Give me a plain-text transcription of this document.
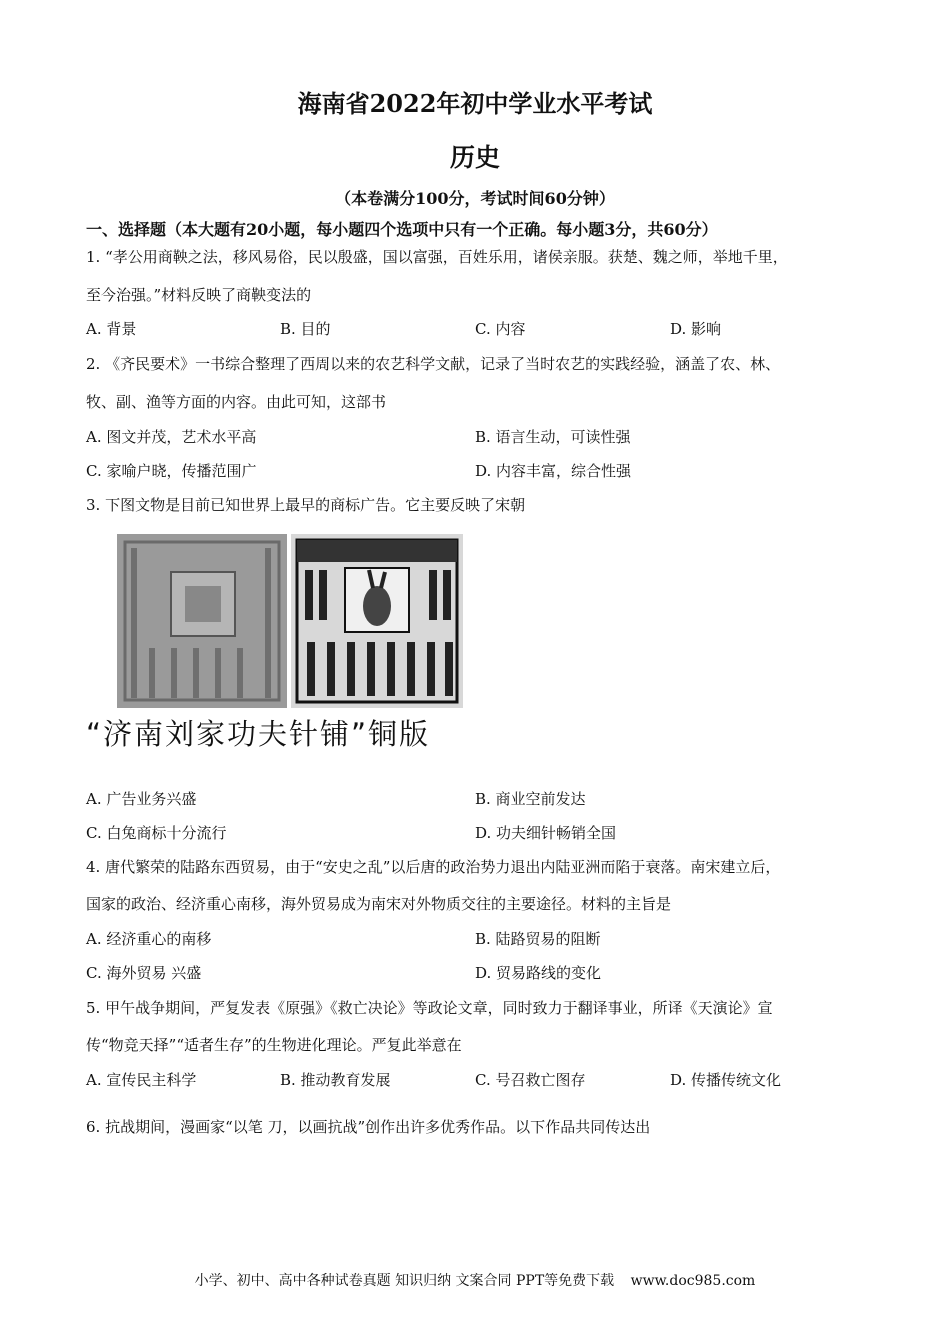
海南省2022年初中学业水平考试
历史
（本卷满分100分，考试时间60分钟）
一、选择题（本大题有20小题，每小题四个选项中只有一个正确。每小题3分，共60分）
1. “孝公用商鞅之法，移风易俗，民以殷盛，国以富强，百姓乐用，诸侯亲服。获楚、魏之师，举地千里，
至今治强。”材料反映了商鞅变法的
A. 背景	B. 目的	C. 内容	D. 影响
2. 《齐民要术》一书综合整理了西周以来的农艺科学文献，记录了当时农艺的实践经验，涵盖了农、林、
牧、副、渔等方面的内容。由此可知，这部书
A. 图文并茂，艺术水平高	B. 语言生动，可读性强
C. 家喻户晓，传播范围广	D. 内容丰富，综合性强
3. 下图文物是目前已知世界上最早的商标广告。它主要反映了宋朝
“济南刘家功夫针铺”铜版
A. 广告业务兴盛	B. 商业空前发达
C. 白兔商标十分流行	D. 功夫细针畅销全国
4. 唐代繁荣的陆路东西贸易，由于“安史之乱”以后唐的政治势力退出内陆亚洲而陷于衰落。南宋建立后，
国家的政治、经济重心南移，海外贸易成为南宋对外物质交往的主要途径。材料的主旨是
A. 经济重心的南移	B. 陆路贸易的阻断
C. 海外贸易 兴盛	D. 贸易路线的变化
5. 甲午战争期间，严复发表《原强》《救亡决论》等政论文章，同时致力于翻译事业，所译《天演论》宣
传“物竞天择”“适者生存”的生物进化理论。严复此举意在
A. 宣传民主科学	B. 推动教育发展	C. 号召救亡图存	D. 传播传统文化
6. 抗战期间，漫画家“以笔 刀，以画抗战”创作出许多优秀作品。以下作品共同传达出
小学、初中、高中各种试卷真题 知识归纳 文案合同 PPT等免费下载 www.doc985.com
